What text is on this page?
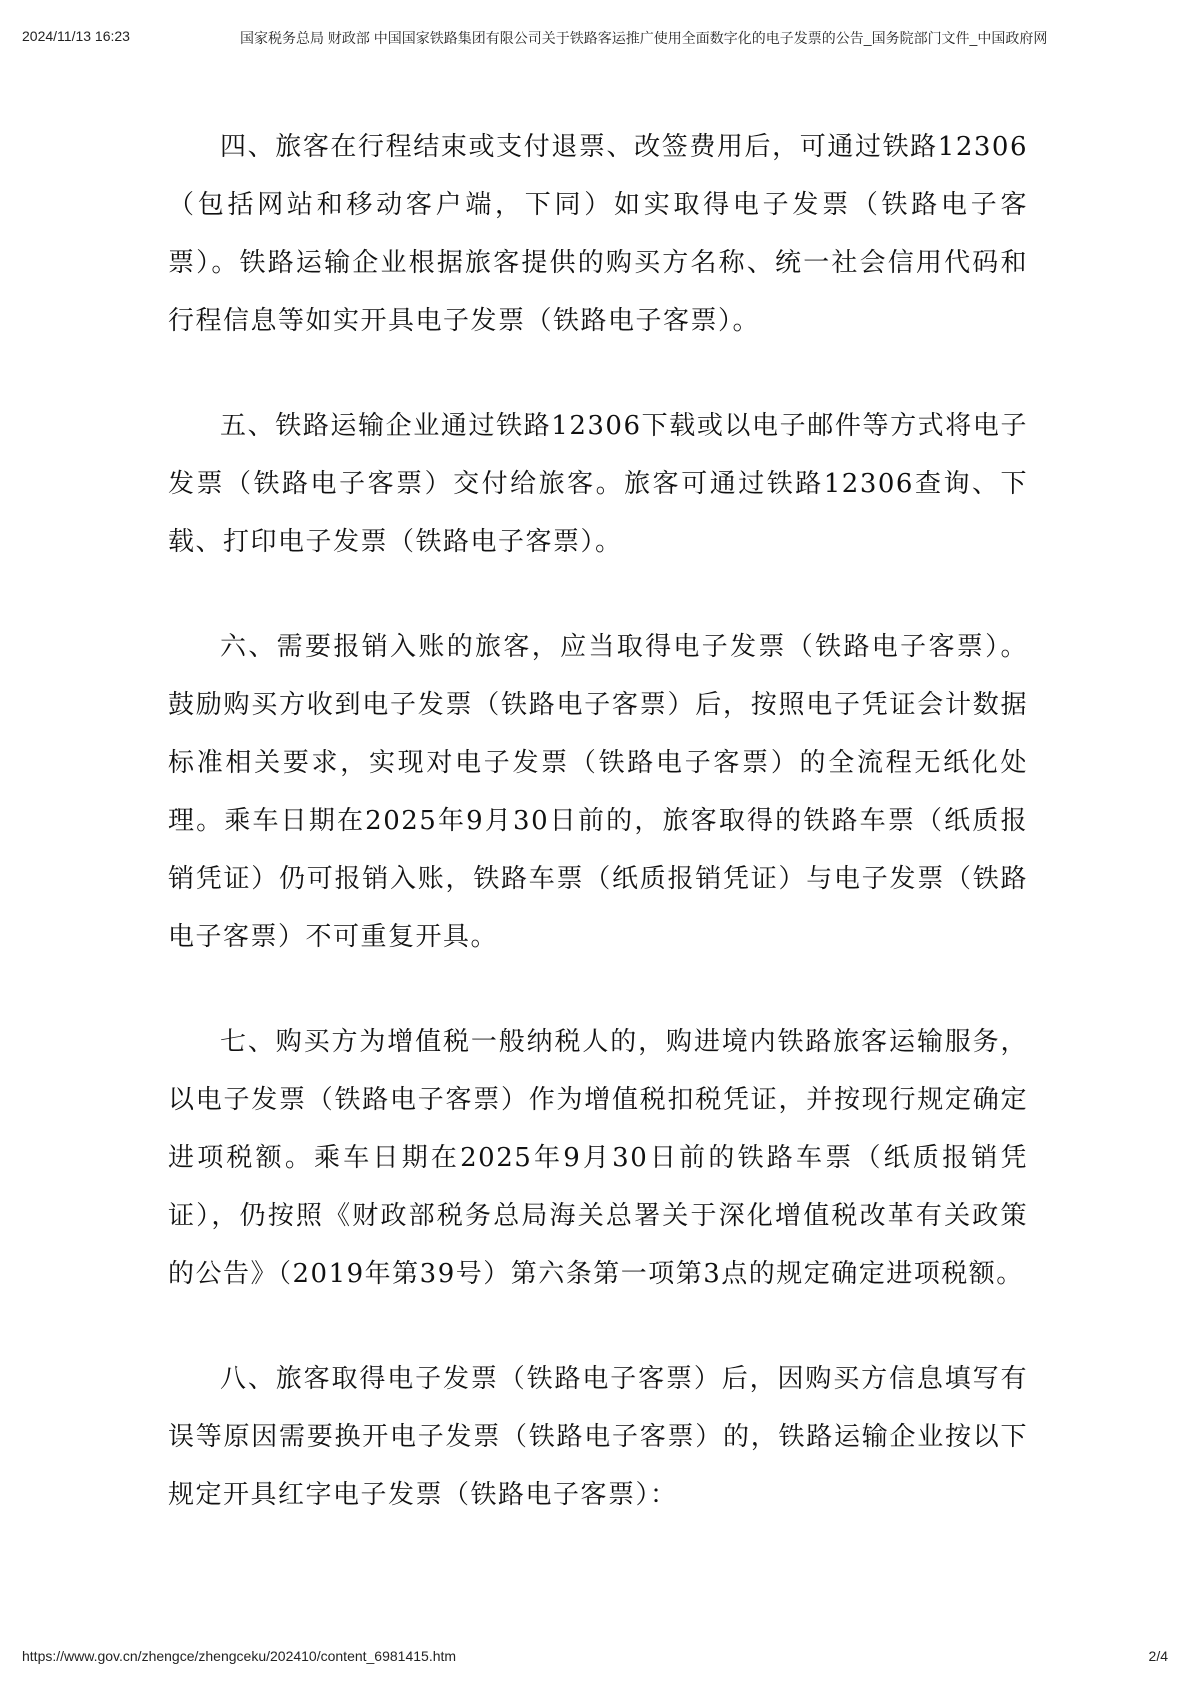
2024/11/13 16:23	国家税务总局 财政部 中国国家铁路集团有限公司关于铁路客运推广使用全面数字化的电子发票的公告_国务院部门文件_中国政府网

四、旅客在行程结束或支付退票、改签费用后，可通过铁路12306（包括网站和移动客户端，下同）如实取得电子发票（铁路电子客票）。铁路运输企业根据旅客提供的购买方名称、统一社会信用代码和行程信息等如实开具电子发票（铁路电子客票）。

五、铁路运输企业通过铁路12306下载或以电子邮件等方式将电子发票（铁路电子客票）交付给旅客。旅客可通过铁路12306查询、下载、打印电子发票（铁路电子客票）。

六、需要报销入账的旅客，应当取得电子发票（铁路电子客票）。鼓励购买方收到电子发票（铁路电子客票）后，按照电子凭证会计数据标准相关要求，实现对电子发票（铁路电子客票）的全流程无纸化处理。乘车日期在2025年9月30日前的，旅客取得的铁路车票（纸质报销凭证）仍可报销入账，铁路车票（纸质报销凭证）与电子发票（铁路电子客票）不可重复开具。

七、购买方为增值税一般纳税人的，购进境内铁路旅客运输服务，以电子发票（铁路电子客票）作为增值税扣税凭证，并按现行规定确定进项税额。乘车日期在2025年9月30日前的铁路车票（纸质报销凭证），仍按照《财政部税务总局海关总署关于深化增值税改革有关政策的公告》（2019年第39号）第六条第一项第3点的规定确定进项税额。

八、旅客取得电子发票（铁路电子客票）后，因购买方信息填写有误等原因需要换开电子发票（铁路电子客票）的，铁路运输企业按以下规定开具红字电子发票（铁路电子客票）：

https://www.gov.cn/zhengce/zhengceku/202410/content_6981415.htm	2/4
